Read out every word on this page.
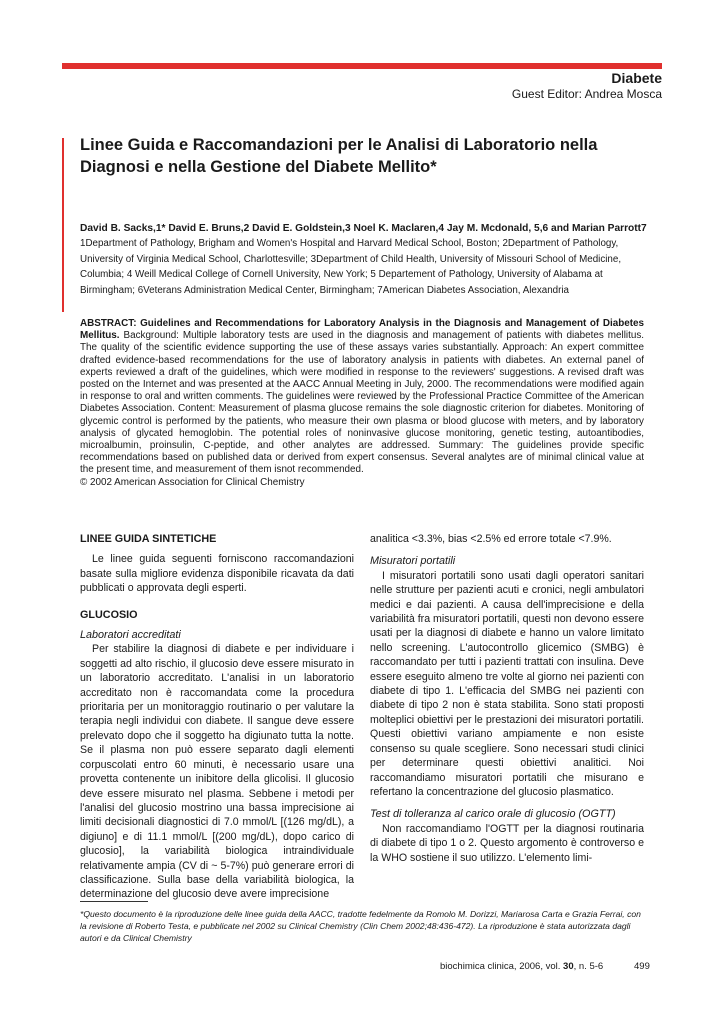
Diabete
Guest Editor: Andrea Mosca
Linee Guida e Raccomandazioni per le Analisi di Laboratorio nella Diagnosi e nella Gestione del Diabete Mellito*
David B. Sacks,1* David E. Bruns,2 David E. Goldstein,3 Noel K. Maclaren,4 Jay M. Mcdonald, 5,6 and Marian Parrott7
1Department of Pathology, Brigham and Women's Hospital and Harvard Medical School, Boston; 2Department of Pathology, University of Virginia Medical School, Charlottesville; 3Department of Child Health, University of Missouri School of Medicine, Columbia; 4 Weill Medical College of Cornell University, New York; 5 Departement of Pathology, University of Alabama at Birmingham; 6Veterans Administration Medical Center, Birmingham; 7American Diabetes Association, Alexandria
ABSTRACT: Guidelines and Recommendations for Laboratory Analysis in the Diagnosis and Management of Diabetes Mellitus. Background: Multiple laboratory tests are used in the diagnosis and management of patients with diabetes mellitus. The quality of the scientific evidence supporting the use of these assays varies substantially. Approach: An expert committee drafted evidence-based recommendations for the use of laboratory analysis in patients with diabetes. An external panel of experts reviewed a draft of the guidelines, which were modified in response to the reviewers' suggestions. A revised draft was posted on the Internet and was presented at the AACC Annual Meeting in July, 2000. The recommendations were modified again in response to oral and written comments. The guidelines were reviewed by the Professional Practice Committee of the American Diabetes Association. Content: Measurement of plasma glucose remains the sole diagnostic criterion for diabetes. Monitoring of glycemic control is performed by the patients, who measure their own plasma or blood glucose with meters, and by laboratory analysis of glycated hemoglobin. The potential roles of noninvasive glucose monitoring, genetic testing, autoantibodies, microalbumin, proinsulin, C-peptide, and other analytes are addressed. Summary: The guidelines provide specific recommendations based on published data or derived from expert consensus. Several analytes are of minimal clinical value at the present time, and measurement of them isnot recommended.
© 2002 American Association for Clinical Chemistry
LINEE GUIDA SINTETICHE

Le linee guida seguenti forniscono raccomandazioni basate sulla migliore evidenza disponibile ricavata da dati pubblicati o approvata degli esperti.

GLUCOSIO
Laboratori accreditati

Per stabilire la diagnosi di diabete e per individuare i soggetti ad alto rischio, il glucosio deve essere misurato in un laboratorio accreditato. L'analisi in un laboratorio accreditato non è raccomandata come la procedura prioritaria per un monitoraggio routinario o per valutare la terapia negli individui con diabete. Il sangue deve essere prelevato dopo che il soggetto ha digiunato tutta la notte. Se il plasma non può essere separato dagli elementi corpuscolati entro 60 minuti, è necessario usare una provetta contenente un inibitore della glicolisi. Il glucosio deve essere misurato nel plasma. Sebbene i metodi per l'analisi del glucosio mostrino una bassa imprecisione ai limiti decisionali diagnostici di 7.0 mmol/L [(126 mg/dL), a digiuno] e di 11.1 mmol/L [(200 mg/dL), dopo carico di glucosio], la variabilità biologica intraindividuale relativamente ampia (CV di ~ 5-7%) può generare errori di classificazione. Sulla base della variabilità biologica, la determinazione del glucosio deve avere imprecisione

analitica <3.3%, bias <2.5% ed errore totale <7.9%.

Misuratori portatili

I misuratori portatili sono usati dagli operatori sanitari nelle strutture per pazienti acuti e cronici, negli ambulatori medici e dai pazienti. A causa dell'imprecisione e della variabilità fra misuratori portatili, questi non devono essere usati per la diagnosi di diabete e hanno un valore limitato nello screening. L'autocontrollo glicemico (SMBG) è raccomandato per tutti i pazienti trattati con insulina. Deve essere eseguito almeno tre volte al giorno nei pazienti con diabete di tipo 1. L'efficacia del SMBG nei pazienti con diabete di tipo 2 non è stata stabilita. Sono stati proposti molteplici obiettivi per le prestazioni dei misuratori portatili. Questi obiettivi variano ampiamente e non esiste consenso su quale scegliere. Sono necessari studi clinici per determinare questi obiettivi analitici. Noi raccomandiamo misuratori portatili che misurano e refertano la concentrazione del glucosio plasmatico.

Test di tolleranza al carico orale di glucosio (OGTT)

Non raccomandiamo l'OGTT per la diagnosi routinaria di diabete di tipo 1 o 2. Questo argomento è controverso e la WHO sostiene il suo utilizzo. L'elemento limi-

*Questo documento è la riproduzione delle linee guida della AACC, tradotte fedelmente da Romolo M. Dorizzi, Mariarosa Carta e Grazia Ferrai, con la revisione di Roberto Testa, e pubblicate nel 2002 su Clinical Chemistry (Clin Chem 2002;48:436-472). La riproduzione è stata autorizzata dagli autori e da Clinical Chemistry
biochimica clinica, 2006, vol. 30, n. 5-6	499
